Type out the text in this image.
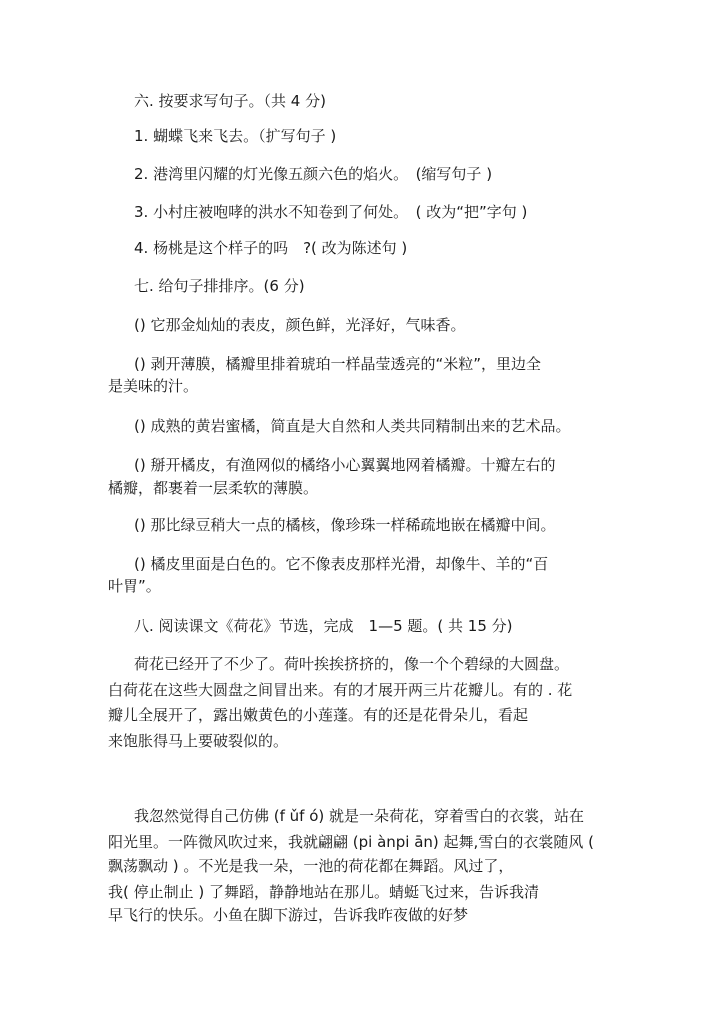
六. 按要求写句子。（共 4 分)
1. 蝴蝶飞来飞去。（扩写句子 )
2. 港湾里闪耀的灯光像五颜六色的焰火。　(缩写句子 )
3. 小村庄被咆哮的洪水不知卷到了何处。　( 改为“把”字句 )
4. 杨桃是这个样子的吗　?( 改为陈述句 )
七. 给句子排排序。(6 分)
() 它那金灿灿的表皮，颜色鲜，光泽好，气味香。
() 剥开薄膜，橘瓣里排着琥珀一样晶莹透亮的“米粒”，里边全
是美味的汁。
() 成熟的黄岩蜜橘，简直是大自然和人类共同精制出来的艺术品。
() 掰开橘皮，有渔网似的橘络小心翼翼地网着橘瓣。十瓣左右的
橘瓣，都裹着一层柔软的薄膜。
() 那比绿豆稍大一点的橘核，像珍珠一样稀疏地嵌在橘瓣中间。
() 橘皮里面是白色的。它不像表皮那样光滑，却像牛、羊的“百
叶胃”。
八. 阅读课文《荷花》节选，完成　1—5 题。( 共 15 分)
荷花已经开了不少了。荷叶挨挨挤挤的，像一个个碧绿的大圆盘。
白荷花在这些大圆盘之间冒出来。有的才展开两三片花瓣儿。有的 . 花
瓣儿全展开了，露出嫩黄色的小莲蓬。有的还是花骨朵儿，看起
来饱胀得马上要破裂似的。
我忽然觉得自己仿佛 (f ǔf ó) 就是一朵荷花，穿着雪白的衣裳，站在
阳光里。一阵微风吹过来，我就翩翩 (pi ànpi ān) 起舞,雪白的衣裳随风 (
飘荡飘动 ) 。不光是我一朵，一池的荷花都在舞蹈。风过了，
我( 停止制止 ) 了舞蹈，静静地站在那儿。蜻蜓飞过来，告诉我清
早飞行的快乐。小鱼在脚下游过，告诉我昨夜做的好梦
